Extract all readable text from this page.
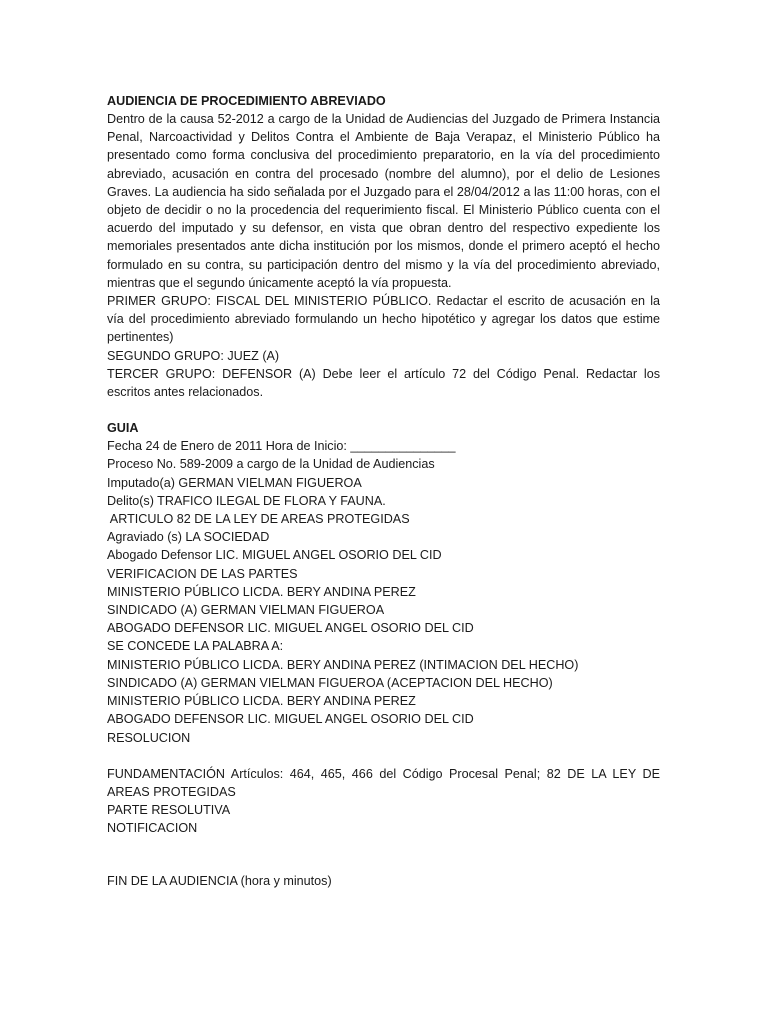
AUDIENCIA DE PROCEDIMIENTO ABREVIADO

Dentro de la causa 52-2012 a cargo de la Unidad de Audiencias del Juzgado de Primera Instancia Penal, Narcoactividad y Delitos Contra el Ambiente de Baja Verapaz, el Ministerio Público ha presentado como forma conclusiva del procedimiento preparatorio, en la vía del procedimiento abreviado, acusación en contra del procesado (nombre del alumno), por el delio de Lesiones Graves. La audiencia ha sido señalada por el Juzgado para el 28/04/2012 a las 11:00 horas, con el objeto de decidir o no la procedencia del requerimiento fiscal. El Ministerio Público cuenta con el acuerdo del imputado y su defensor, en vista que obran dentro del respectivo expediente los memoriales presentados ante dicha institución por los mismos, donde el primero aceptó el hecho formulado en su contra, su participación dentro del mismo y la vía del procedimiento abreviado, mientras que el segundo únicamente aceptó la vía propuesta.

PRIMER GRUPO: FISCAL DEL MINISTERIO PÚBLICO. Redactar el escrito de acusación en la vía del procedimiento abreviado formulando un hecho hipotético y agregar los datos que estime pertinentes)

SEGUNDO GRUPO: JUEZ (A)

TERCER GRUPO: DEFENSOR (A) Debe leer el artículo 72 del Código Penal. Redactar los escritos antes relacionados.

GUIA

Fecha 24 de Enero de 2011 Hora de Inicio: _______________

Proceso No. 589-2009 a cargo de la Unidad de Audiencias

Imputado(a) GERMAN VIELMAN FIGUEROA

Delito(s) TRAFICO ILEGAL DE FLORA Y FAUNA.

ARTICULO 82 DE LA LEY DE AREAS PROTEGIDAS

Agraviado (s) LA SOCIEDAD

Abogado Defensor LIC. MIGUEL ANGEL OSORIO DEL CID

VERIFICACION DE LAS PARTES

MINISTERIO PÚBLICO LICDA. BERY ANDINA PEREZ

SINDICADO (A) GERMAN VIELMAN FIGUEROA

ABOGADO DEFENSOR LIC. MIGUEL ANGEL OSORIO DEL CID

SE CONCEDE LA PALABRA A:

MINISTERIO PÚBLICO LICDA. BERY ANDINA PEREZ (INTIMACION DEL HECHO)

SINDICADO (A) GERMAN VIELMAN FIGUEROA (ACEPTACION DEL HECHO)

MINISTERIO PÚBLICO LICDA. BERY ANDINA PEREZ

ABOGADO DEFENSOR LIC. MIGUEL ANGEL OSORIO DEL CID

RESOLUCION

FUNDAMENTACIÓN Artículos: 464, 465, 466 del Código Procesal Penal; 82 DE LA LEY DE AREAS PROTEGIDAS

PARTE RESOLUTIVA

NOTIFICACION

FIN DE LA AUDIENCIA (hora y minutos)
